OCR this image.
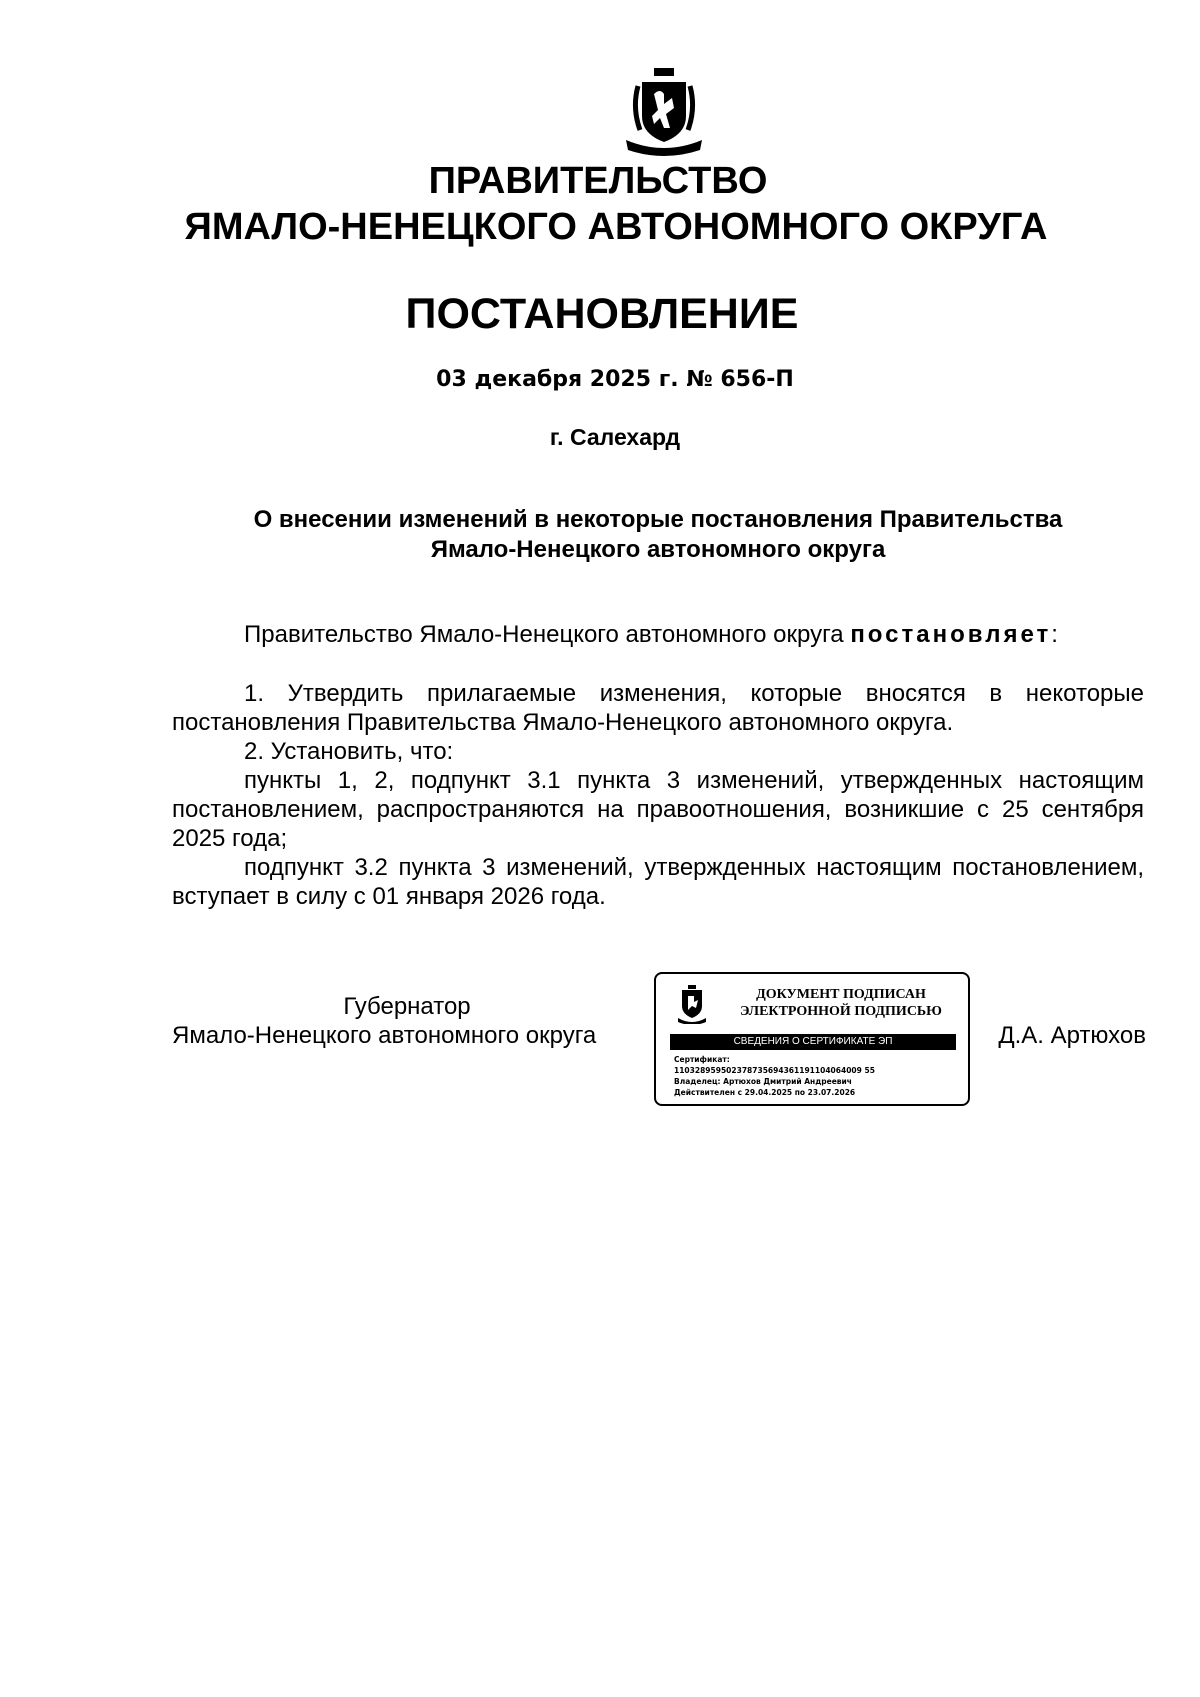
ПРАВИТЕЛЬСТВО
ЯМАЛО-НЕНЕЦКОГО АВТОНОМНОГО ОКРУГА
ПОСТАНОВЛЕНИЕ
03 декабря 2025 г. № 656-П
г. Салехард
О внесении изменений в некоторые постановления Правительства
Ямало-Ненецкого автономного округа
Правительство Ямало-Ненецкого автономного округа постановляет:
1. Утвердить прилагаемые изменения, которые вносятся в некоторые постановления Правительства Ямало-Ненецкого автономного округа.
2. Установить, что:
пункты 1, 2, подпункт 3.1 пункта 3 изменений, утвержденных настоящим постановлением, распространяются на правоотношения, возникшие с 25 сентября 2025 года;
подпункт 3.2 пункта 3 изменений, утвержденных настоящим постановлением, вступает в силу с 01 января 2026 года.
Губернатор
Ямало-Ненецкого автономного округа
ДОКУМЕНТ ПОДПИСАН
ЭЛЕКТРОННОЙ ПОДПИСЬЮ
СВЕДЕНИЯ О СЕРТИФИКАТЕ ЭП
Сертификат:
110328959502378735694361191104064009 55
Владелец: Артюхов Дмитрий Андреевич
Действителен с 29.04.2025 по 23.07.2026
Д.А. Артюхов
